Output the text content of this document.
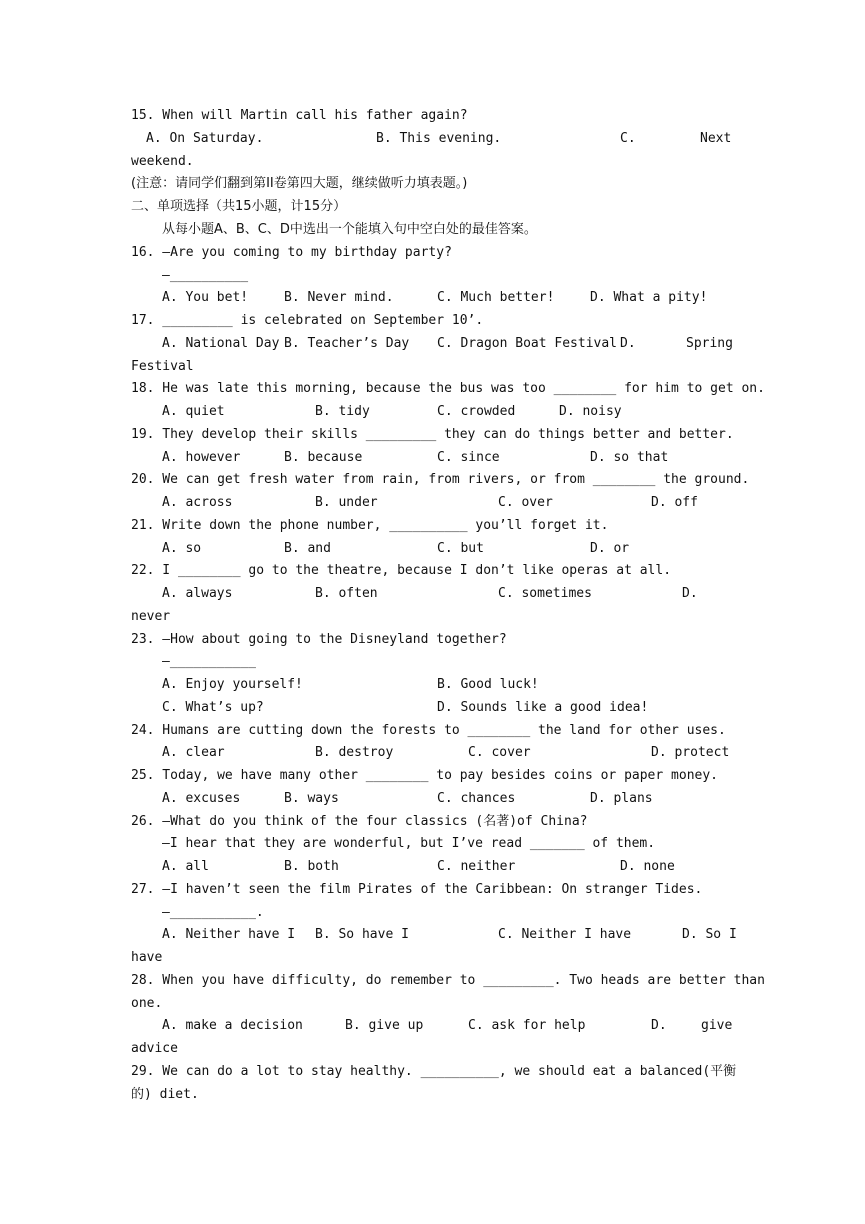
15. When will Martin call his father again?
A. On Saturday.	B. This evening.	C.	Next
weekend.
(注意：请同学们翻到第II卷第四大题，继续做听力填表题。)
二、单项选择（共15小题，计15分）
从每小题A、B、C、D中选出一个能填入句中空白处的最佳答案。
16. —Are you coming to my birthday party?
—__________
A. You bet!	B. Never mind.	C. Much better!	D. What a pity!
17. _________ is celebrated on September 10’.
A. National Day B. Teacher’s Day C. Dragon Boat Festival D.	Spring
Festival
18. He was late this morning, because the bus was too ________ for him to get on.
A. quiet	B. tidy	C. crowded	D. noisy
19. They develop their skills _________ they can do things better and better.
A. however	B. because	C. since	D. so that
20. We can get fresh water from rain, from rivers, or from ________ the ground.
A. across	B. under	C. over	D. off
21. Write down the phone number, __________ you’ll forget it.
A. so	B. and	C. but	D. or
22. I ________ go to the theatre, because I don’t like operas at all.
A. always	B. often	C. sometimes	D.
never
23. —How about going to the Disneyland together?
—___________
A. Enjoy yourself!	B. Good luck!
C. What’s up?	D. Sounds like a good idea!
24. Humans are cutting down the forests to ________ the land for other uses.
A. clear	B. destroy	C. cover	D. protect
25. Today, we have many other ________ to pay besides coins or paper money.
A. excuses	B. ways	C. chances	D. plans
26. —What do you think of the four classics (名著)of China?
—I hear that they are wonderful, but I’ve read _______ of them.
A. all	B. both	C. neither	D. none
27. —I haven’t seen the film Pirates of the Caribbean: On stranger Tides.
—___________.
A. Neither have I B. So have I	C. Neither I have	D. So I
have
28. When you have difficulty, do remember to _________. Two heads are better than
one.
A. make a decision	B. give up	C. ask for help	D.	give
advice
29. We can do a lot to stay healthy. __________, we should eat a balanced(平衡
的) diet.
